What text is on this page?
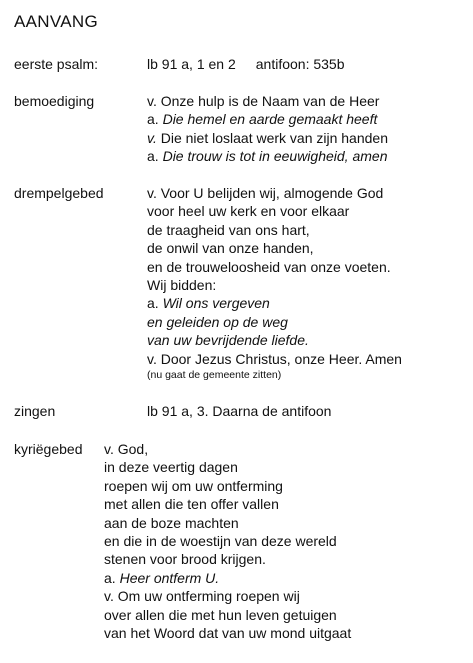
AANVANG
eerste psalm:	lb 91 a, 1 en 2 antifoon: 535b
bemoediging	v. Onze hulp is de Naam van de Heer
a. Die hemel en aarde gemaakt heeft
v. Die niet loslaat werk van zijn handen
a. Die trouw is tot in eeuwigheid, amen
drempelgebed	v. Voor U belijden wij, almogende God
voor heel uw kerk en voor elkaar
de traagheid van ons hart,
de onwil van onze handen,
en de trouweloosheid van onze voeten.
Wij bidden:
a. Wil ons vergeven
en geleiden op de weg
van uw bevrijdende liefde.
v. Door Jezus Christus, onze Heer. Amen
(nu gaat de gemeente zitten)
zingen	lb 91 a, 3. Daarna de antifoon
kyriëgebed v. God,
in deze veertig dagen
roepen wij om uw ontferming
met allen die ten offer vallen
aan de boze machten
en die in de woestijn van deze wereld
stenen voor brood krijgen.
a. Heer ontferm U.
v. Om uw ontferming roepen wij
over allen die met hun leven getuigen
van het Woord dat van uw mond uitgaat
